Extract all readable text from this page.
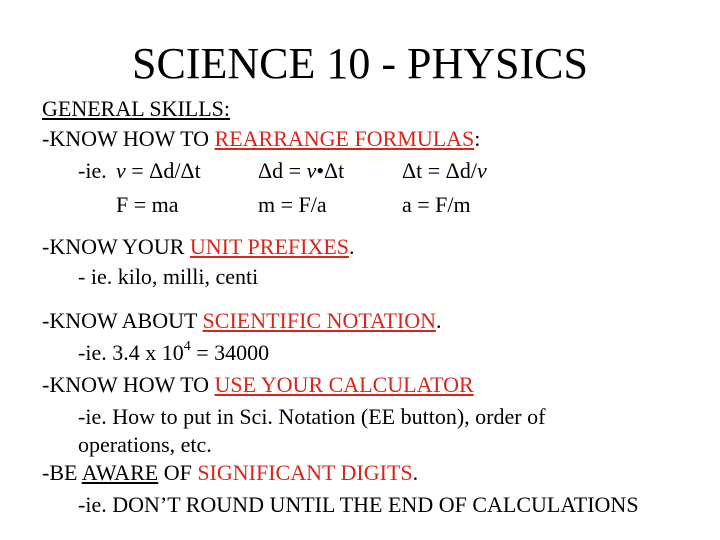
SCIENCE 10 - PHYSICS
GENERAL SKILLS:
-KNOW HOW TO REARRANGE FORMULAS:
-ie. v = Δd/Δt	Δd = v•Δt	Δt = Δd/v
F = ma	m = F/a	a = F/m
-KNOW YOUR UNIT PREFIXES.
- ie. kilo, milli, centi
-KNOW ABOUT SCIENTIFIC NOTATION.
-ie. 3.4 x $10^4 = 34000$
-KNOW HOW TO USE YOUR CALCULATOR
-ie. How to put in Sci. Notation (EE button), order of
operations, etc.
-BE AWARE OF SIGNIFICANT DIGITS.
-ie. DON’T ROUND UNTIL THE END OF CALCULATIONS
